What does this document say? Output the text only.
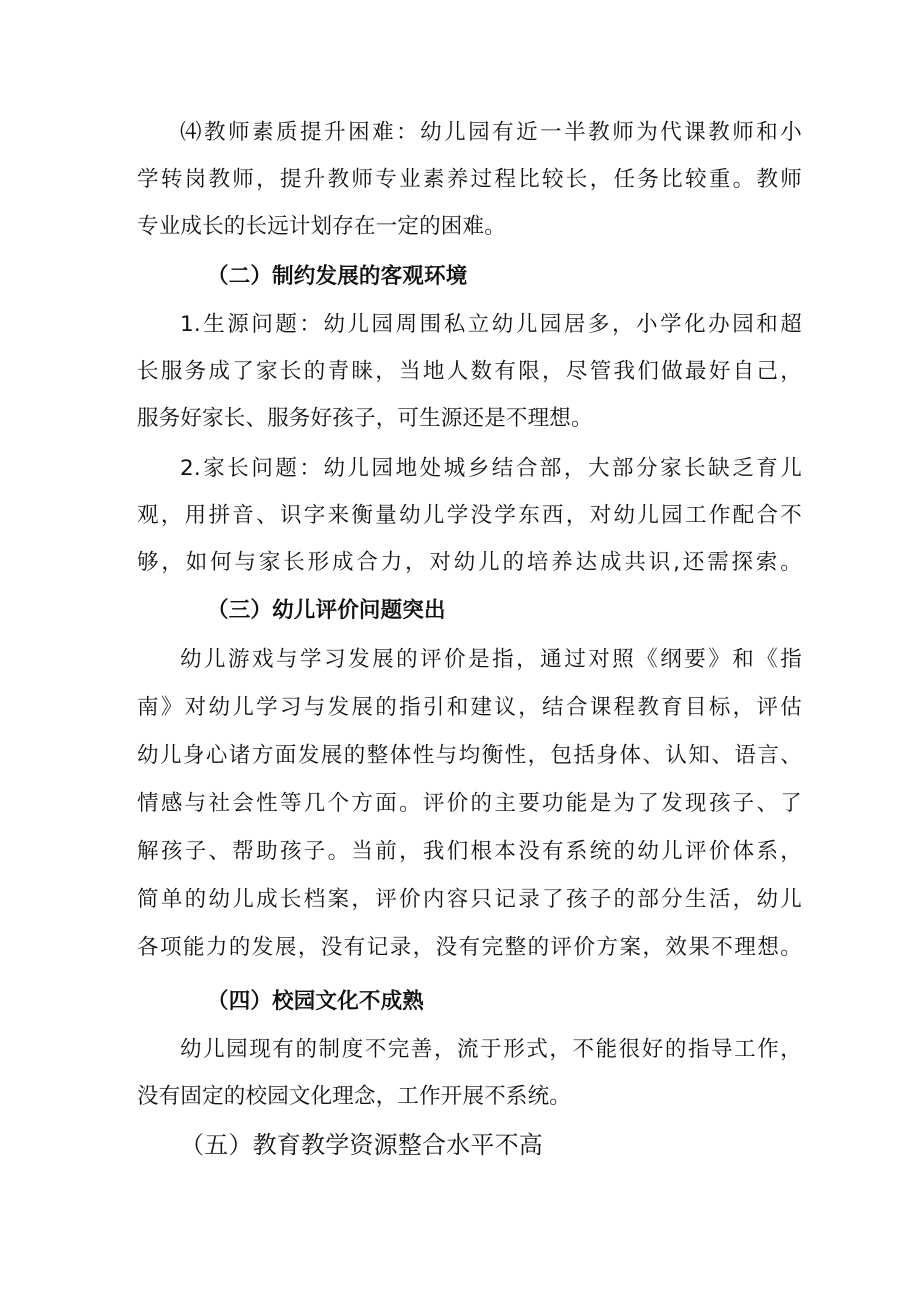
⑷教师素质提升困难：幼儿园有近一半教师为代课教师和小
学转岗教师，提升教师专业素养过程比较长，任务比较重。教师
专业成长的长远计划存在一定的困难。
（二）制约发展的客观环境
1.生源问题：幼儿园周围私立幼儿园居多，小学化办园和超
长服务成了家长的青睐，当地人数有限，尽管我们做最好自己，
服务好家长、服务好孩子，可生源还是不理想。
2.家长问题：幼儿园地处城乡结合部，大部分家长缺乏育儿
观，用拼音、识字来衡量幼儿学没学东西，对幼儿园工作配合不
够，如何与家长形成合力，对幼儿的培养达成共识,还需探索。
（三）幼儿评价问题突出
幼儿游戏与学习发展的评价是指，通过对照《纲要》和《指
南》对幼儿学习与发展的指引和建议，结合课程教育目标，评估
幼儿身心诸方面发展的整体性与均衡性，包括身体、认知、语言、
情感与社会性等几个方面。评价的主要功能是为了发现孩子、了
解孩子、帮助孩子。当前，我们根本没有系统的幼儿评价体系，
简单的幼儿成长档案，评价内容只记录了孩子的部分生活，幼儿
各项能力的发展，没有记录，没有完整的评价方案，效果不理想。
（四）校园文化不成熟
幼儿园现有的制度不完善，流于形式，不能很好的指导工作，
没有固定的校园文化理念，工作开展不系统。
（五）教育教学资源整合水平不高
